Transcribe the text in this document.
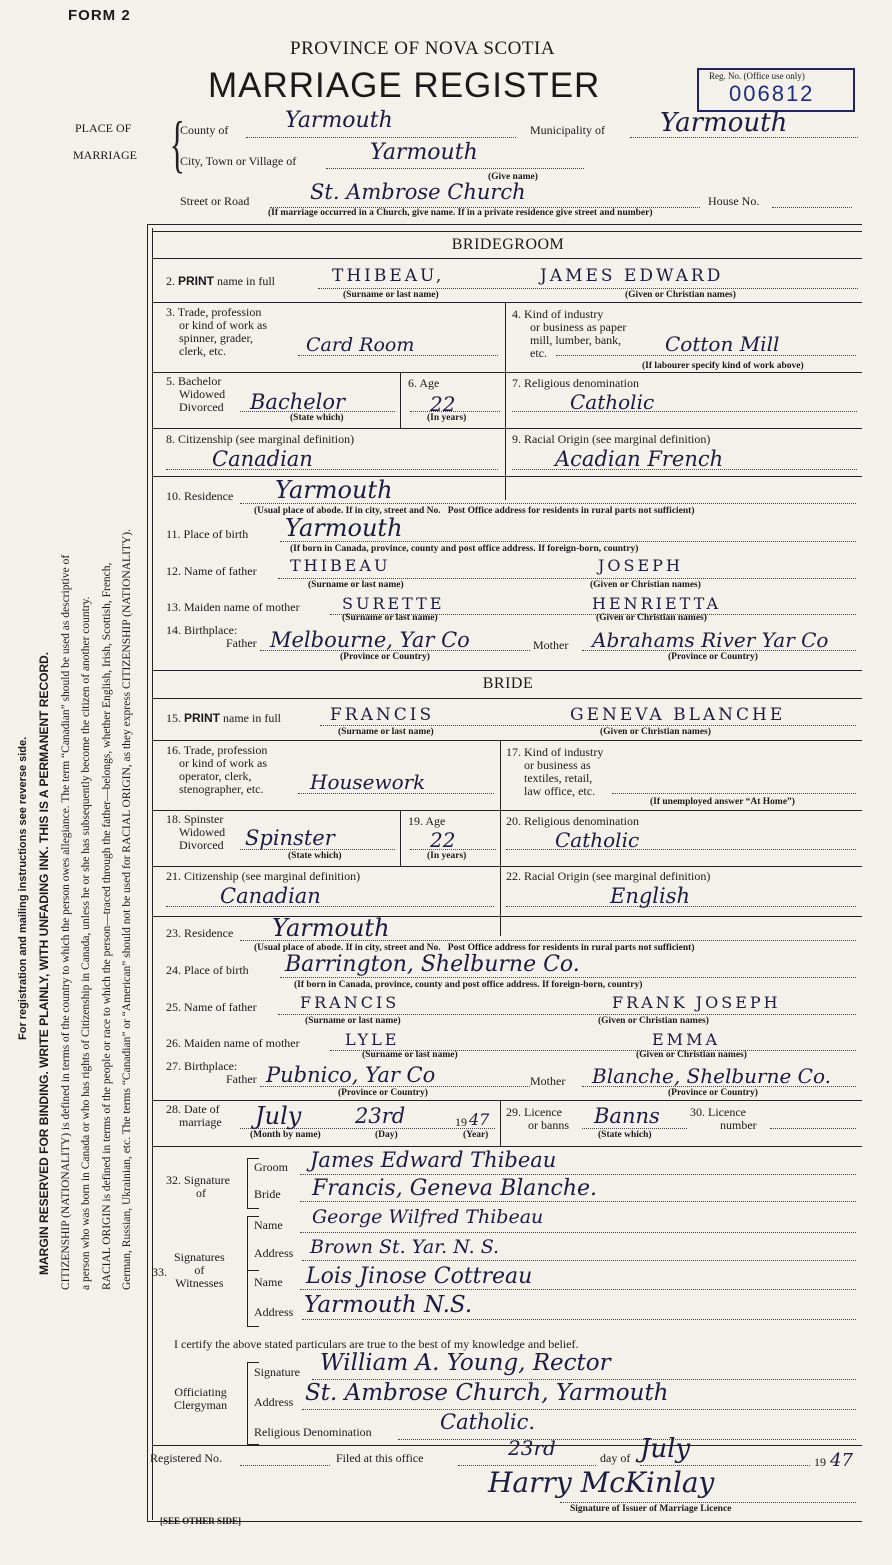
FORM 2
PROVINCE OF NOVA SCOTIA
MARRIAGE REGISTER	Reg. No. (Office use only)
006812
For registration and mailing instructions see reverse side. MARGIN RESERVED FOR BINDING. WRITE PLAINLY, WITH UNFADING INK. THIS IS A PERMANENT RECORD. CITIZENSHIP (NATIONALITY) is defined in terms of the country to which the person owes allegiance. The term “Canadian” should be used as descriptive of a person who was born in Canada or who has rights of Citizenship in Canada, unless he or she has subsequently become the citizen of another country. RACIAL ORIGIN is defined in terms of the people or race to which the person—traced through the father—belongs, whether English, Irish, Scottish, French, German, Russian, Ukrainian, etc. The terms “Canadian” or “American” should not be used for RACIAL ORIGIN, as they express CITIZENSHIP (NATIONALITY).
PLACE OF
MARRIAGE {
County of	Yarmouth	Municipality of Yarmouth
City, Town or Village of	Yarmouth
(Give name)
Street or Road	St. Ambrose Church	House No.
(If marriage occurred in a Church, give name. If in a private residence give street and number)
BRIDEGROOM
2. PRINT name in full	THIBEAU,	JAMES EDWARD
(Surname or last name)	(Given or Christian names)
3. Trade, profession
or kind of work as
spinner, grader,
clerk, etc.	Card Room
4. Kind of industry
or business as paper
mill, lumber, bank,
etc.	Cotton Mill
(If labourer specify kind of work above)
5. Bachelor
Widowed
Divorced Bachelor
(State which)
6. Age
22
(In years)
7. Religious denomination
Catholic
8. Citizenship (see marginal definition)
Canadian
9. Racial Origin (see marginal definition)
Acadian French
10. Residence Yarmouth
(Usual place of abode. If in city, street and No. Post Office address for residents in rural parts not sufficient)
11. Place of birth Yarmouth
(If born in Canada, province, county and post office address. If foreign-born, country)
12. Name of father THIBEAU	JOSEPH
(Surname or last name)	(Given or Christian names)
13. Maiden name of mother	SURETTE	HENRIETTA
(Surname or last name)	(Given or Christian names)
14. Birthplace:
Father Melbourne, Yar Co
(Province or Country)
Mother Abrahams River Yar Co
(Province or Country)
BRIDE
15. PRINT name in full	FRANCIS	GENEVA BLANCHE
(Surname or last name)	(Given or Christian names)
16. Trade, profession
or kind of work as
operator, clerk,
stenographer, etc. Housework
17. Kind of industry
or business as
textiles, retail,
law office, etc.
(If unemployed answer “At Home”)
18. Spinster
Widowed
Divorced Spinster
(State which)
19. Age
22
(In years)
20. Religious denomination
Catholic
21. Citizenship (see marginal definition)
Canadian
22. Racial Origin (see marginal definition)
English
23. Residence Yarmouth
(Usual place of abode. If in city, street and No. Post Office address for residents in rural parts not sufficient)
24. Place of birth Barrington, Shelburne Co.
(If born in Canada, province, county and post office address. If foreign-born, country)
25. Name of father	FRANCIS	FRANK JOSEPH
(Surname or last name)	(Given or Christian names)
26. Maiden name of mother	LYLE	EMMA
(Surname or last name)	(Given or Christian names)
27. Birthplace:
Father Pubnico, Yar Co
(Province or Country)
Mother Blanche, Shelburne Co.
(Province or Country)
28. Date of
marriage July	23rd	19 47
(Month by name)	(Day)	(Year)
29. Licence
or banns Banns
(State which)
30. Licence
number
32. Signature
of
Groom James Edward Thibeau
Bride Francis, Geneva Blanche.
33.
Signatures
of
Witnesses
Name George Wilfred Thibeau
Address Brown St. Yar. N. S.
Name Lois Jinose Cottreau
Address Yarmouth N.S.
I certify the above stated particulars are true to the best of my knowledge and belief.
Officiating
Clergyman
Signature William A. Young, Rector
Address St. Ambrose Church, Yarmouth
Religious Denomination	Catholic.
Registered No.	Filed at this office	23rd	day of July	19 47
Harry McKinlay
Signature of Issuer of Marriage Licence
[SEE OTHER SIDE]
